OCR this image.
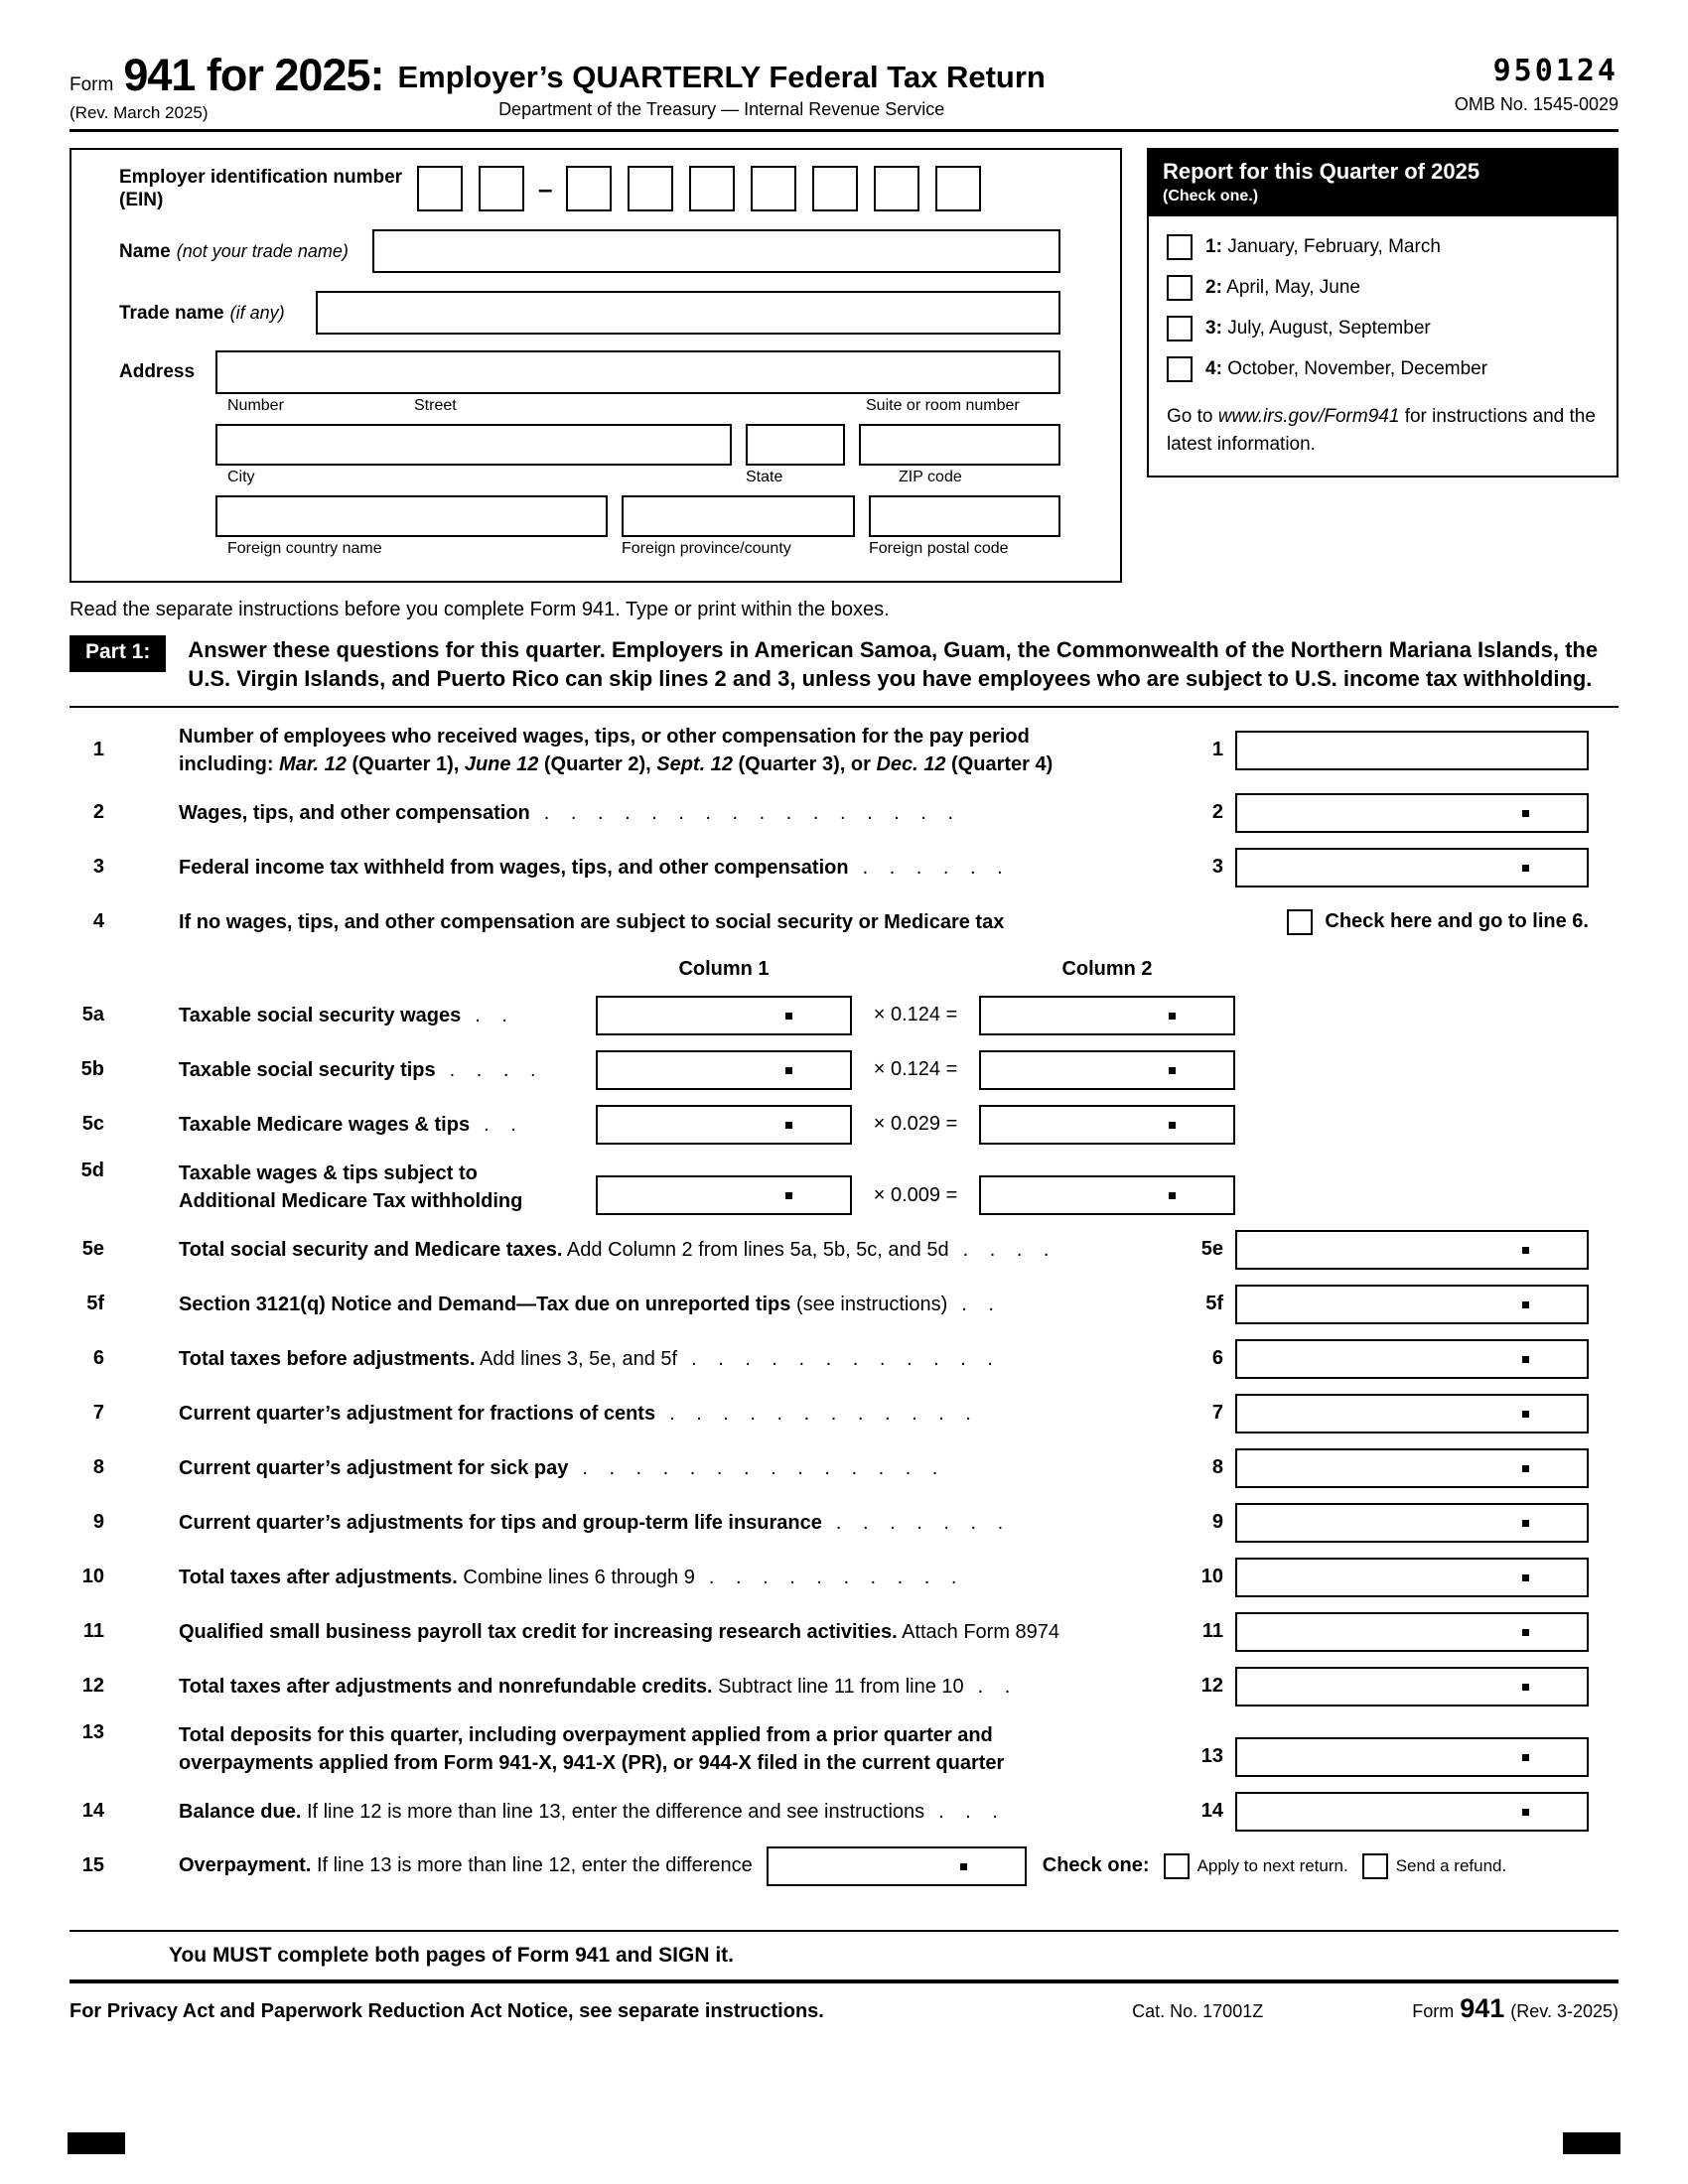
Form 941 for 2025:
(Rev. March 2025)
Employer’s QUARTERLY Federal Tax Return
Department of the Treasury — Internal Revenue Service
950124
OMB No. 1545-0029
Employer identification number (EIN)	–
Name (not your trade name)
Trade name (if any)
Address
Number	Street	Suite or room number
City	State	ZIP code
Foreign country name	Foreign province/county	Foreign postal code
Report for this Quarter of 2025
(Check one.)
1: January, February, March
2: April, May, June
3: July, August, September
4: October, November, December
Go to www.irs.gov/Form941 for instructions and the latest information.
Read the separate instructions before you complete Form 941. Type or print within the boxes.
Part 1:	Answer these questions for this quarter. Employers in American Samoa, Guam, the Commonwealth of the Northern Mariana Islands, the U.S. Virgin Islands, and Puerto Rico can skip lines 2 and 3, unless you have employees who are subject to U.S. income tax withholding.
1
Number of employees who received wages, tips, or other compensation for the pay period
including: Mar. 12 (Quarter 1), June 12 (Quarter 2), Sept. 12 (Quarter 3), or Dec. 12 (Quarter 4)
1
2	Wages, tips, and other compensation . . . . . . . . . . . . . . . .	2
3	Federal income tax withheld from wages, tips, and other compensation . . . . . .	3
4	If no wages, tips, and other compensation are subject to social security or Medicare tax	Check here and go to line 6.
Column 1	Column 2
5a	Taxable social security wages . .	× 0.124 =
5b	Taxable social security tips . . . .	× 0.124 =
5c	Taxable Medicare wages & tips . .	× 0.029 =
5d	Taxable wages & tips subject to
Additional Medicare Tax withholding	× 0.009 =
5e	Total social security and Medicare taxes. Add Column 2 from lines 5a, 5b, 5c, and 5d . . . .	5e
5f	Section 3121(q) Notice and Demand—Tax due on unreported tips (see instructions) . .	5f
6	Total taxes before adjustments. Add lines 3, 5e, and 5f . . . . . . . . . . . .	6
7	Current quarter’s adjustment for fractions of cents . . . . . . . . . . . .	7
8	Current quarter’s adjustment for sick pay . . . . . . . . . . . . . .	8
9	Current quarter’s adjustments for tips and group-term life insurance . . . . . . .	9
10	Total taxes after adjustments. Combine lines 6 through 9 . . . . . . . . . .	10
11	Qualified small business payroll tax credit for increasing research activities. Attach Form 8974	11
12	Total taxes after adjustments and nonrefundable credits. Subtract line 11 from line 10 . .	12
13	Total deposits for this quarter, including overpayment applied from a prior quarter and
overpayments applied from Form 941-X, 941-X (PR), or 944-X filed in the current quarter	13
14	Balance due. If line 12 is more than line 13, enter the difference and see instructions . . .	14
15	Overpayment. If line 13 is more than line 12, enter the difference	Check one:	Apply to next return.	Send a refund.
You MUST complete both pages of Form 941 and SIGN it.
For Privacy Act and Paperwork Reduction Act Notice, see separate instructions.	Cat. No. 17001Z	Form 941 (Rev. 3-2025)
